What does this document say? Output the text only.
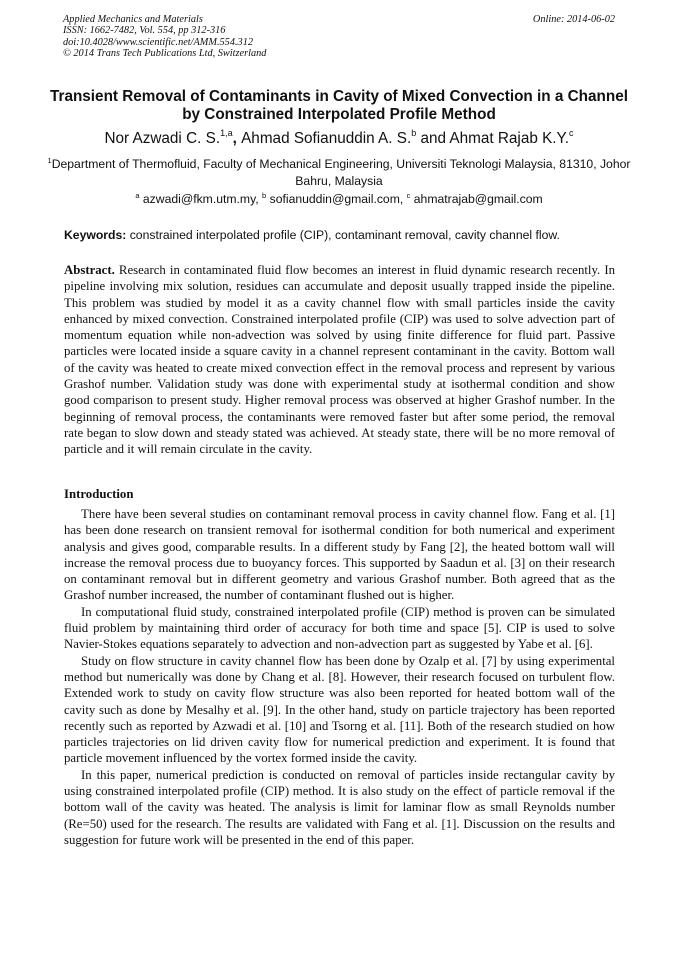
Applied Mechanics and Materials
ISSN: 1662-7482, Vol. 554, pp 312-316
doi:10.4028/www.scientific.net/AMM.554.312
© 2014 Trans Tech Publications Ltd, Switzerland
Online: 2014-06-02
Transient Removal of Contaminants in Cavity of Mixed Convection in a Channel by Constrained Interpolated Profile Method
Nor Azwadi C. S.$^{1,a}$, Ahmad Sofianuddin A. S.$^b$ and Ahmat Rajab K.Y.$^c$
$^1$Department of Thermofluid, Faculty of Mechanical Engineering, Universiti Teknologi Malaysia, 81310, Johor Bahru, Malaysia
$^a$ azwadi@fkm.utm.my, $^b$ sofianuddin@gmail.com, $^c$ ahmatrajab@gmail.com
Keywords: constrained interpolated profile (CIP), contaminant removal, cavity channel flow.
Abstract. Research in contaminated fluid flow becomes an interest in fluid dynamic research recently. In pipeline involving mix solution, residues can accumulate and deposit usually trapped inside the pipeline. This problem was studied by model it as a cavity channel flow with small particles inside the cavity enhanced by mixed convection. Constrained interpolated profile (CIP) was used to solve advection part of momentum equation while non-advection was solved by using finite difference for fluid part. Passive particles were located inside a square cavity in a channel represent contaminant in the cavity. Bottom wall of the cavity was heated to create mixed convection effect in the removal process and represent by various Grashof number. Validation study was done with experimental study at isothermal condition and show good comparison to present study. Higher removal process was observed at higher Grashof number. In the beginning of removal process, the contaminants were removed faster but after some period, the removal rate began to slow down and steady stated was achieved. At steady state, there will be no more removal of particle and it will remain circulate in the cavity.
Introduction

There have been several studies on contaminant removal process in cavity channel flow. Fang et al. [1] has been done research on transient removal for isothermal condition for both numerical and experiment analysis and gives good, comparable results. In a different study by Fang [2], the heated bottom wall will increase the removal process due to buoyancy forces. This supported by Saadun et al. [3] on their research on contaminant removal but in different geometry and various Grashof number. Both agreed that as the Grashof number increased, the number of contaminant flushed out is higher.

In computational fluid study, constrained interpolated profile (CIP) method is proven can be simulated fluid problem by maintaining third order of accuracy for both time and space [5]. CIP is used to solve Navier-Stokes equations separately to advection and non-advection part as suggested by Yabe et al. [6].

Study on flow structure in cavity channel flow has been done by Ozalp et al. [7] by using experimental method but numerically was done by Chang et al. [8]. However, their research focused on turbulent flow. Extended work to study on cavity flow structure was also been reported for heated bottom wall of the cavity such as done by Mesalhy et al. [9]. In the other hand, study on particle trajectory has been reported recently such as reported by Azwadi et al. [10] and Tsorng et al. [11]. Both of the research studied on how particles trajectories on lid driven cavity flow for numerical prediction and experiment. It is found that particle movement influenced by the vortex formed inside the cavity.

In this paper, numerical prediction is conducted on removal of particles inside rectangular cavity by using constrained interpolated profile (CIP) method. It is also study on the effect of particle removal if the bottom wall of the cavity was heated. The analysis is limit for laminar flow as small Reynolds number (Re=50) used for the research. The results are validated with Fang et al. [1]. Discussion on the results and suggestion for future work will be presented in the end of this paper.
